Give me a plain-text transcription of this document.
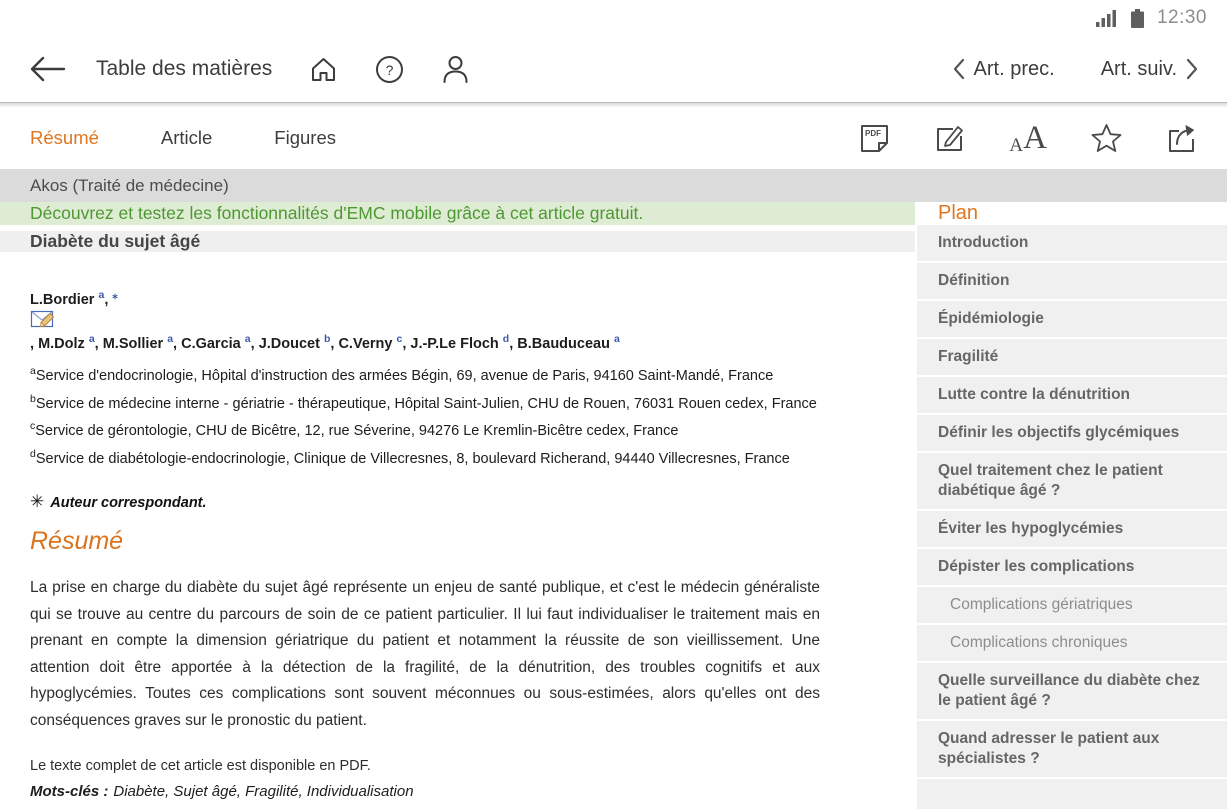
12:30
Table des matières	?	Art. prec. Art. suiv.
Résumé	Article	Figures	PDF
A A
Akos (Traité de médecine)
Découvrez et testez les fonctionnalités d'EMC mobile grâce à cet article gratuit.
Diabète du sujet âgé
L.Bordier $^a$, ⁎
, M.Dolz $^a$, M.Sollier $^a$, C.Garcia $^a$, J.Doucet $^b$, C.Verny $^c$, J.-P.Le Floch $^d$, B.Bauduceau $^a$
$^a$Service d'endocrinologie, Hôpital d'instruction des armées Bégin, 69, avenue de Paris, 94160 Saint-Mandé, France
$^b$Service de médecine interne - gériatrie - thérapeutique, Hôpital Saint-Julien, CHU de Rouen, 76031 Rouen cedex, France
$^c$Service de gérontologie, CHU de Bicêtre, 12, rue Séverine, 94276 Le Kremlin-Bicêtre cedex, France
$^d$Service de diabétologie-endocrinologie, Clinique de Villecresnes, 8, boulevard Richerand, 94440 Villecresnes, France
✳ Auteur correspondant.
Résumé
La prise en charge du diabète du sujet âgé représente un enjeu de santé publique, et c'est le médecin généraliste qui se trouve au centre du parcours de soin de ce patient particulier. Il lui faut individualiser le traitement mais en prenant en compte la dimension gériatrique du patient et notamment la réussite de son vieillissement. Une attention doit être apportée à la détection de la fragilité, de la dénutrition, des troubles cognitifs et aux hypoglycémies. Toutes ces complications sont souvent méconnues ou sous-estimées, alors qu'elles ont des conséquences graves sur le pronostic du patient.
Le texte complet de cet article est disponible en PDF.
Mots-clés : Diabète, Sujet âgé, Fragilité, Individualisation
Plan
Introduction
Définition
Épidémiologie
Fragilité
Lutte contre la dénutrition
Définir les objectifs glycémiques
Quel traitement chez le patient diabétique âgé ?
Éviter les hypoglycémies
Dépister les complications
Complications gériatriques
Complications chroniques
Quelle surveillance du diabète chez le patient âgé ?
Quand adresser le patient aux spécialistes ?
